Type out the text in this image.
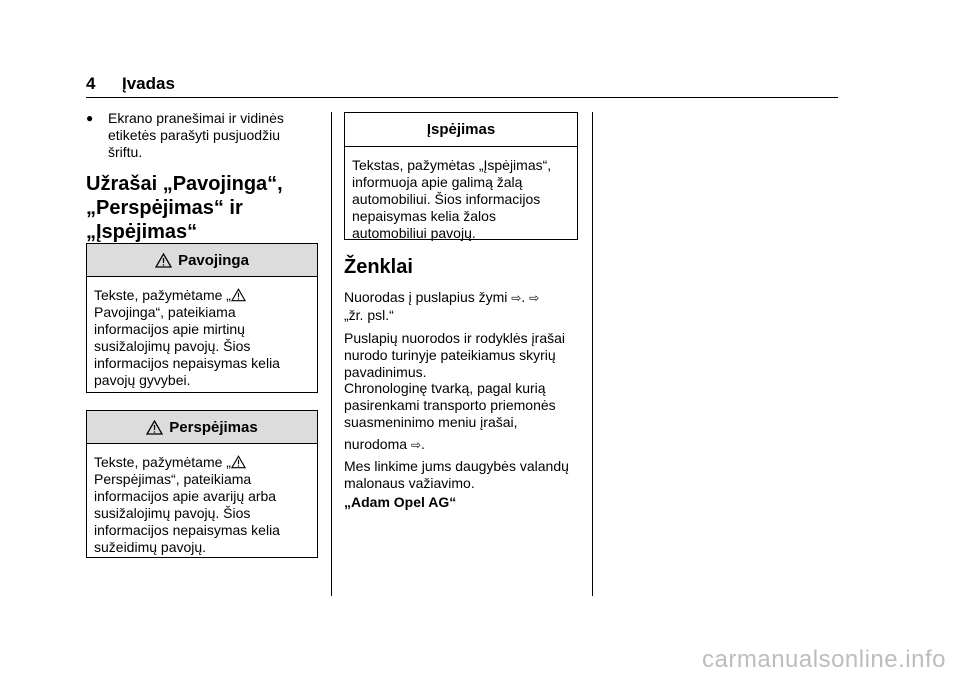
4 Įvadas
●	Ekrano pranešimai ir vidinės
etiketės parašyti pusjuodžiu
šriftu.
Užrašai „Pavojinga“,
„Perspėjimas“ ir
„Įspėjimas“
Pavojinga
Tekste, pažymėtame „
Pavojinga“, pateikiama
informacijos apie mirtinų
susižalojimų pavojų. Šios
informacijos nepaisymas kelia
pavojų gyvybei.
Perspėjimas
Tekste, pažymėtame „
Perspėjimas“, pateikiama
informacijos apie avarijų arba
susižalojimų pavojų. Šios
informacijos nepaisymas kelia
sužeidimų pavojų.
Įspėjimas
Tekstas, pažymėtas „Įspėjimas“,
informuoja apie galimą žalą
automobiliui. Šios informacijos
nepaisymas kelia žalos
automobiliui pavojų.
Ženklai
Nuorodas į puslapius žymi ⇨. ⇨
„žr. psl.“
Puslapių nuorodos ir rodyklės įrašai
nurodo turinyje pateikiamus skyrių
pavadinimus.
Chronologinę tvarką, pagal kurią
pasirenkami transporto priemonės
suasmeninimo meniu įrašai,
nurodoma ⇨.
Mes linkime jums daugybės valandų
malonaus važiavimo.
„Adam Opel AG“
carmanualsonline.info
